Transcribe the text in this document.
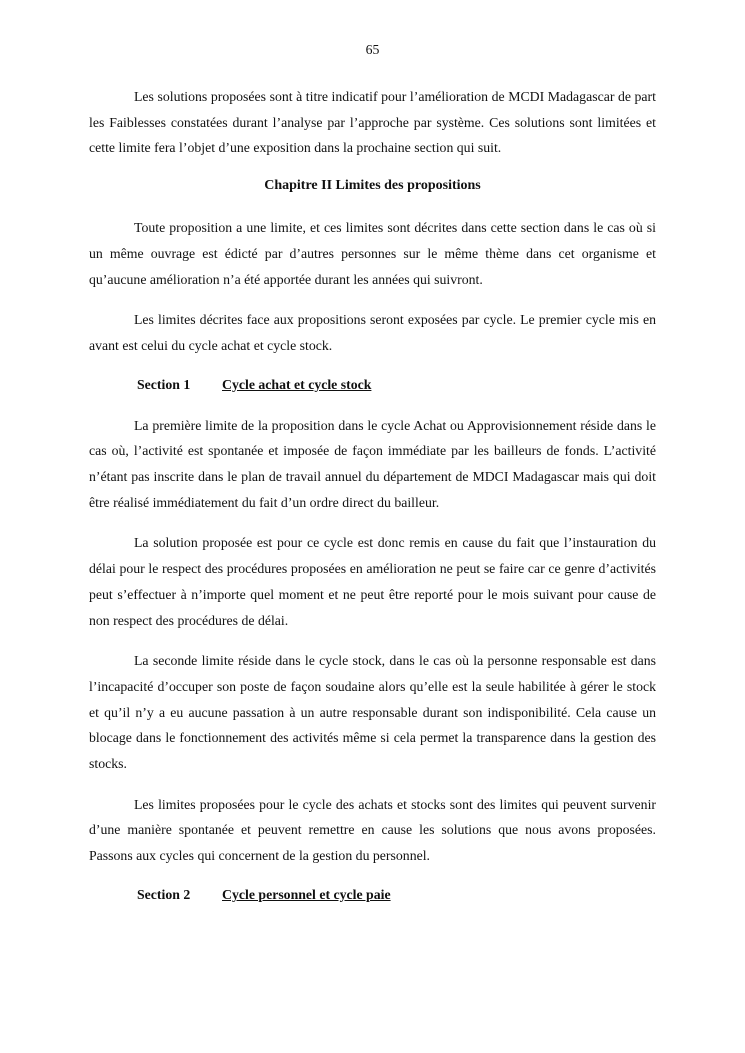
65

Les solutions proposées sont à titre indicatif pour l’amélioration de MCDI Madagascar de part les Faiblesses constatées durant l’analyse par l’approche par système. Ces solutions sont limitées et cette limite fera l’objet d’une exposition dans la prochaine section qui suit.

Chapitre II Limites des propositions

Toute proposition a une limite, et ces limites sont décrites dans cette section dans le cas où si un même ouvrage est édicté par d’autres personnes sur le même thème dans cet organisme et qu’aucune amélioration n’a été apportée durant les années qui suivront.

Les limites décrites face aux propositions seront exposées par cycle. Le premier cycle mis en avant est celui du cycle achat et cycle stock.

Section 1 Cycle achat et cycle stock

La première limite de la proposition dans le cycle Achat ou Approvisionnement réside dans le cas où, l’activité est spontanée et imposée de façon immédiate par les bailleurs de fonds. L’activité n’étant pas inscrite dans le plan de travail annuel du département de MDCI Madagascar mais qui doit être réalisé immédiatement du fait d’un ordre direct du bailleur.

La solution proposée est pour ce cycle est donc remis en cause du fait que l’instauration du délai pour le respect des procédures proposées en amélioration ne peut se faire car ce genre d’activités peut s’effectuer à n’importe quel moment et ne peut être reporté pour le mois suivant pour cause de non respect des procédures de délai.

La seconde limite réside dans le cycle stock, dans le cas où la personne responsable est dans l’incapacité d’occuper son poste de façon soudaine alors qu’elle est la seule habilitée à gérer le stock et qu’il n’y a eu aucune passation à un autre responsable durant son indisponibilité. Cela cause un blocage dans le fonctionnement des activités même si cela permet la transparence dans la gestion des stocks.

Les limites proposées pour le cycle des achats et stocks sont des limites qui peuvent survenir d’une manière spontanée et peuvent remettre en cause les solutions que nous avons proposées. Passons aux cycles qui concernent de la gestion du personnel.

Section 2 Cycle personnel et cycle paie
